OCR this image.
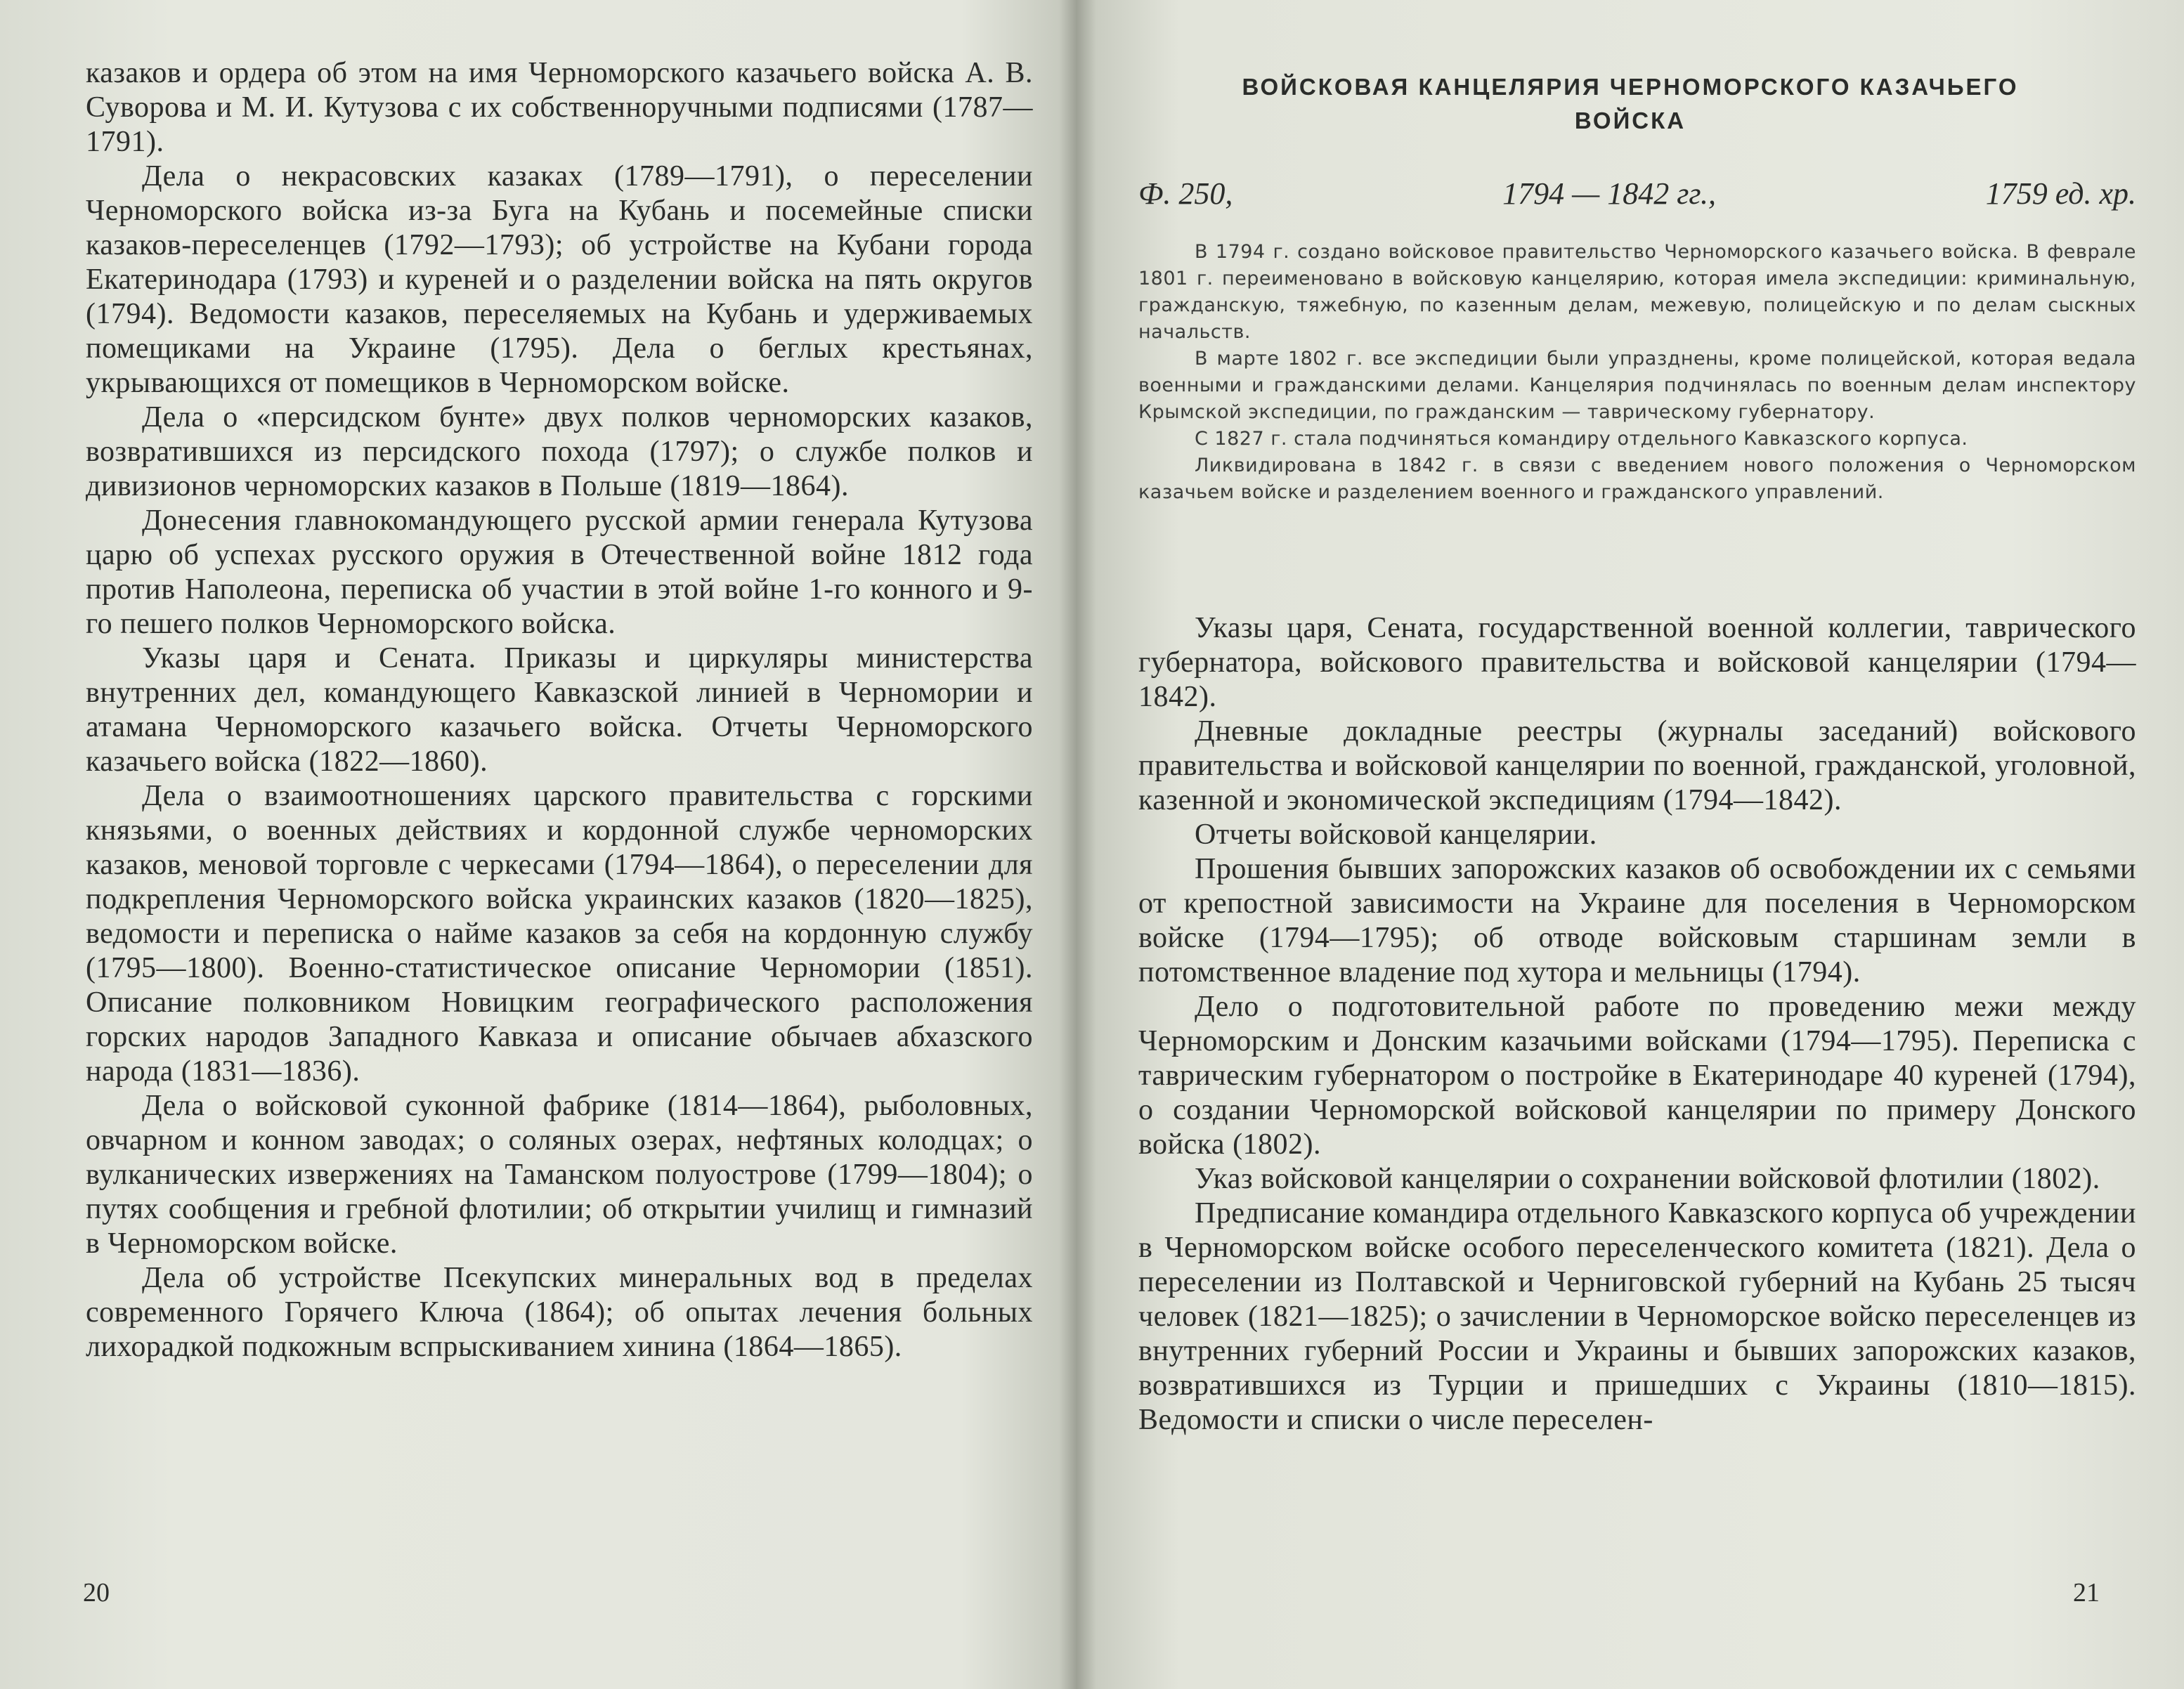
казаков и ордера об этом на имя Черноморского казачьего войска А. В. Суворова и М. И. Кутузова с их собственноручными подписями (1787—1791).

Дела о некрасовских казаках (1789—1791), о переселении Черноморского войска из-за Буга на Кубань и посемейные списки казаков-переселенцев (1792—1793); об устройстве на Кубани города Екатеринодара (1793) и куреней и о разделении войска на пять округов (1794). Ведомости казаков, переселяемых на Кубань и удерживаемых помещиками на Украине (1795). Дела о беглых крестьянах, укрывающихся от помещиков в Черноморском войске.

Дела о «персидском бунте» двух полков черноморских казаков, возвратившихся из персидского похода (1797); о службе полков и дивизионов черноморских казаков в Польше (1819—1864).

Донесения главнокомандующего русской армии генерала Кутузова царю об успехах русского оружия в Отечественной войне 1812 года против Наполеона, переписка об участии в этой войне 1-го конного и 9-го пешего полков Черноморского войска.

Указы царя и Сената. Приказы и циркуляры министерства внутренних дел, командующего Кавказской линией в Черномории и атамана Черноморского казачьего войска. Отчеты Черноморского казачьего войска (1822—1860).

Дела о взаимоотношениях царского правительства с горскими князьями, о военных действиях и кордонной службе черноморских казаков, меновой торговле с черкесами (1794—1864), о переселении для подкрепления Черноморского войска украинских казаков (1820—1825), ведомости и переписка о найме казаков за себя на кордонную службу (1795—1800). Военно-статистическое описание Черномории (1851). Описание полковником Новицким географического расположения горских народов Западного Кавказа и описание обычаев абхазского народа (1831—1836).

Дела о войсковой суконной фабрике (1814—1864), рыболовных, овчарном и конном заводах; о соляных озерах, нефтяных колодцах; о вулканических извержениях на Таманском полуострове (1799—1804); о путях сообщения и гребной флотилии; об открытии училищ и гимназий в Черноморском войске.

Дела об устройстве Псекупских минеральных вод в пределах современного Горячего Ключа (1864); об опытах лечения больных лихорадкой подкожным вспрыскиванием хинина (1864—1865).

20
ВОЙСКОВАЯ КАНЦЕЛЯРИЯ ЧЕРНОМОРСКОГО КАЗАЧЬЕГО ВОЙСКА
Ф. 250,	1794 — 1842 гг.,	1759 ед. хр.

В 1794 г. создано войсковое правительство Черноморского казачьего войска. В феврале 1801 г. переименовано в войсковую канцелярию, которая имела экспедиции: криминальную, гражданскую, тяжебную, по казенным делам, межевую, полицейскую и по делам сыскных начальств.

В марте 1802 г. все экспедиции были упразднены, кроме полицейской, которая ведала военными и гражданскими делами. Канцелярия подчинялась по военным делам инспектору Крымской экспедиции, по гражданским — таврическому губернатору.

С 1827 г. стала подчиняться командиру отдельного Кавказского корпуса.

Ликвидирована в 1842 г. в связи с введением нового положения о Черноморском казачьем войске и разделением военного и гражданского управлений.

Указы царя, Сената, государственной военной коллегии, таврического губернатора, войскового правительства и войсковой канцелярии (1794—1842).

Дневные докладные реестры (журналы заседаний) войскового правительства и войсковой канцелярии по военной, гражданской, уголовной, казенной и экономической экспедициям (1794—1842).

Отчеты войсковой канцелярии.

Прошения бывших запорожских казаков об освобождении их с семьями от крепостной зависимости на Украине для поселения в Черноморском войске (1794—1795); об отводе войсковым старшинам земли в потомственное владение под хутора и мельницы (1794).

Дело о подготовительной работе по проведению межи между Черноморским и Донским казачьими войсками (1794—1795). Переписка с таврическим губернатором о постройке в Екатеринодаре 40 куреней (1794), о создании Черноморской войсковой канцелярии по примеру Донского войска (1802).

Указ войсковой канцелярии о сохранении войсковой флотилии (1802).

Предписание командира отдельного Кавказского корпуса об учреждении в Черноморском войске особого переселенческого комитета (1821). Дела о переселении из Полтавской и Черниговской губерний на Кубань 25 тысяч человек (1821—1825); о зачислении в Черноморское войско переселенцев из внутренних губерний России и Украины и бывших запорожских казаков, возвратившихся из Турции и пришедших с Украины (1810—1815). Ведомости и списки о числе переселен-

21
